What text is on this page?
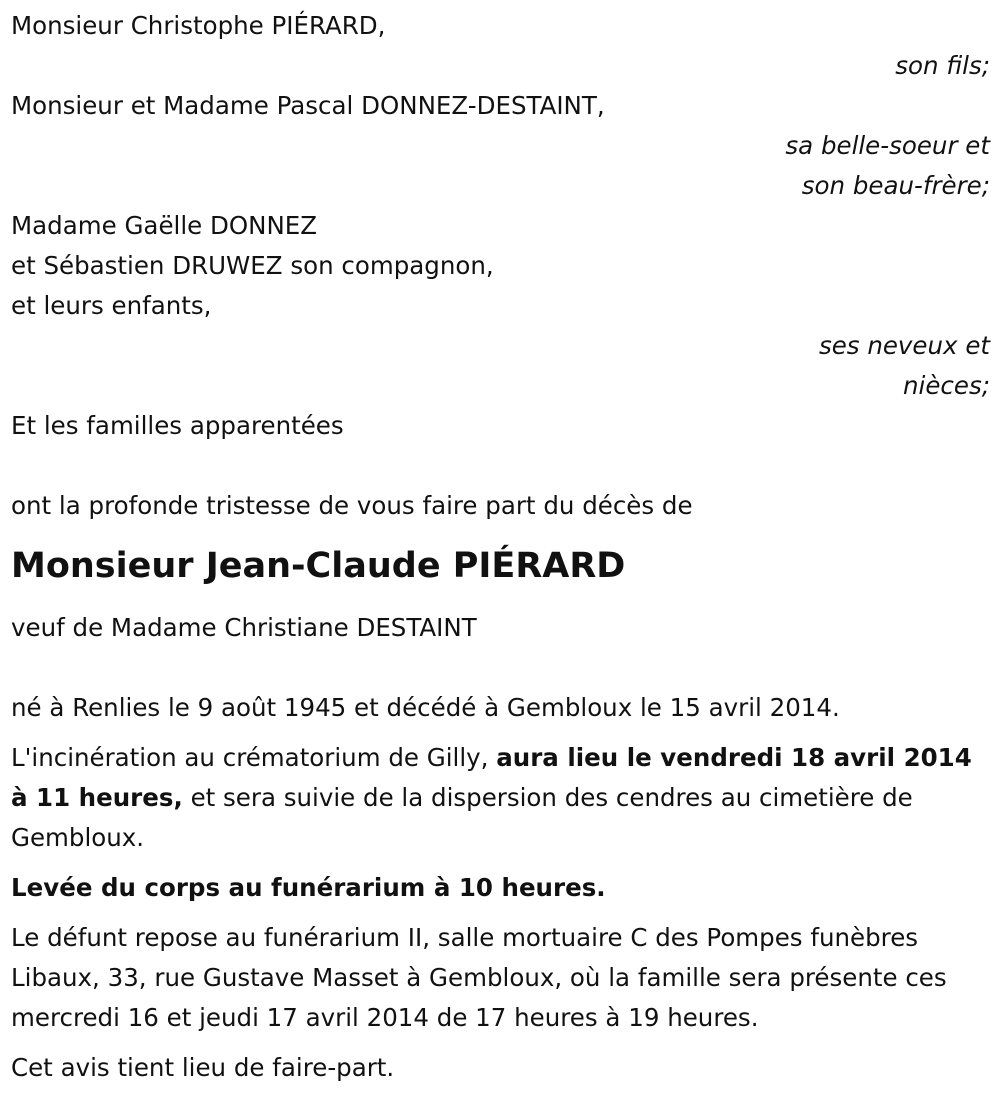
Monsieur Christophe PIÉRARD,
son fils;
Monsieur et Madame Pascal DONNEZ-DESTAINT,
sa belle-soeur et
son beau-frère;
Madame Gaëlle DONNEZ
et Sébastien DRUWEZ son compagnon,
et leurs enfants,
ses neveux et
nièces;
Et les familles apparentées
ont la profonde tristesse de vous faire part du décès de
Monsieur Jean-Claude PIÉRARD
veuf de Madame Christiane DESTAINT

né à Renlies le 9 août 1945 et décédé à Gembloux le 15 avril 2014.

L'incinération au crématorium de Gilly, aura lieu le vendredi 18 avril 2014 à 11 heures, et sera suivie de la dispersion des cendres au cimetière de Gembloux.

Levée du corps au funérarium à 10 heures.

Le défunt repose au funérarium II, salle mortuaire C des Pompes funèbres Libaux, 33, rue Gustave Masset à Gembloux, où la famille sera présente ces mercredi 16 et jeudi 17 avril 2014 de 17 heures à 19 heures.

Cet avis tient lieu de faire-part.
